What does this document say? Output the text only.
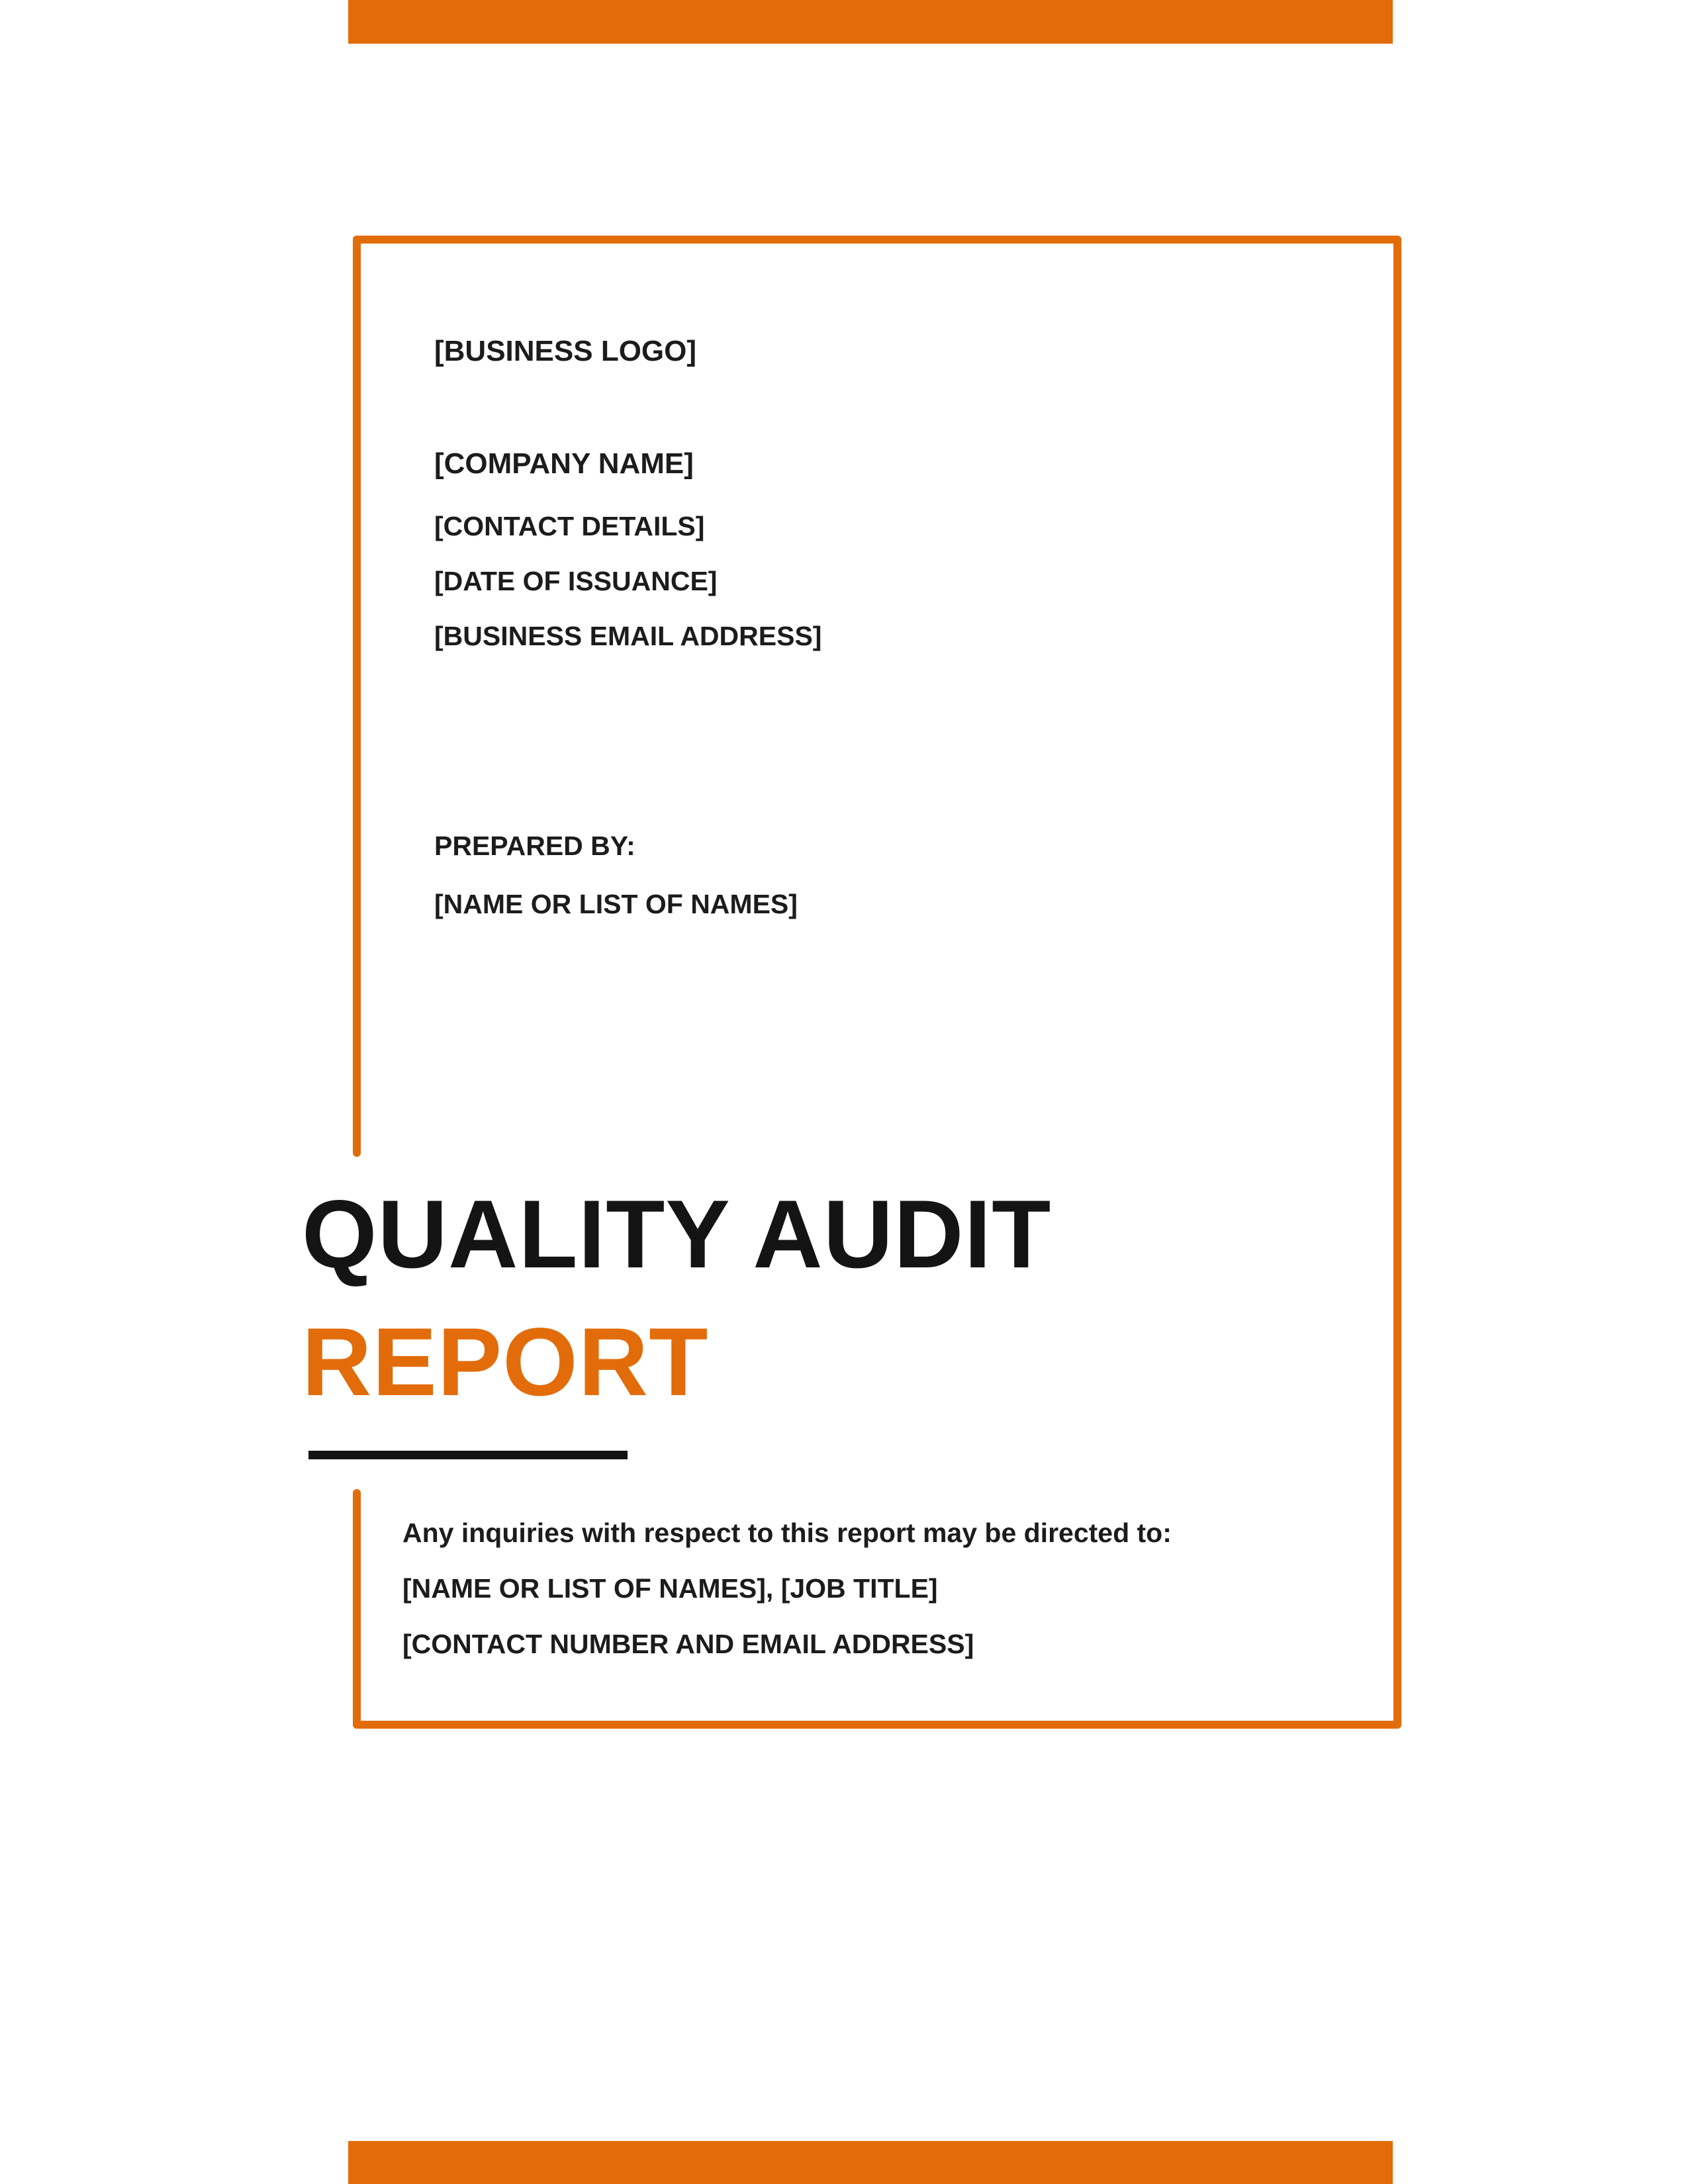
[BUSINESS LOGO]
[COMPANY NAME]
[CONTACT DETAILS]
[DATE OF ISSUANCE]
[BUSINESS EMAIL ADDRESS]
PREPARED BY:
[NAME OR LIST OF NAMES]
QUALITY AUDIT
REPORT
Any inquiries with respect to this report may be directed to:
[NAME OR LIST OF NAMES], [JOB TITLE]
[CONTACT NUMBER AND EMAIL ADDRESS]
